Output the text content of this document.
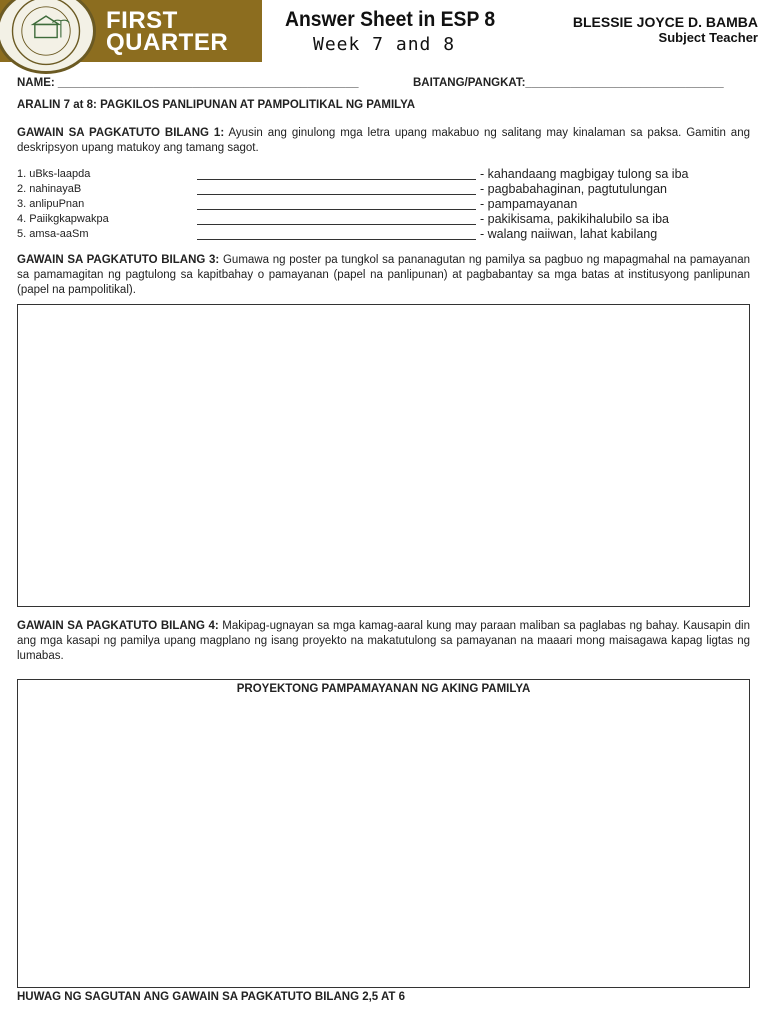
FIRST
QUARTER
Answer Sheet in ESP 8
Week 7 and 8
BLESSIE JOYCE D. BAMBA
Subject Teacher
NAME: _______________________________________________	BAITANG/PANGKAT:_______________________________
ARALIN 7 at 8: PAGKILOS PANLIPUNAN AT PAMPOLITIKAL NG PAMILYA
GAWAIN SA PAGKATUTO BILANG 1: Ayusin ang ginulong mga letra upang makabuo ng salitang may kinalaman sa paksa. Gamitin ang deskripsyon upang matukoy ang tamang sagot.
1. uBks-laapda	- kahandaang magbigay tulong sa iba
2. nahinayaB	- pagbabahaginan, pagtutulungan
3. anlipuPnan	- pampamayanan
4. Paiikgkapwakpa	- pakikisama, pakikihalubilo sa iba
5. amsa-aaSm	- walang naiiwan, lahat kabilang
GAWAIN SA PAGKATUTO BILANG 3: Gumawa ng poster pa tungkol sa pananagutan ng pamilya sa pagbuo ng mapagmahal na pamayanan sa pamamagitan ng pagtulong sa kapitbahay o pamayanan (papel na panlipunan) at pagbabantay sa mga batas at institusyong panlipunan (papel na pampolitikal).
GAWAIN SA PAGKATUTO BILANG 4: Makipag-ugnayan sa mga kamag-aaral kung may paraan maliban sa paglabas ng bahay. Kausapin din ang mga kasapi ng pamilya upang magplano ng isang proyekto na makatutulong sa pamayanan na maaari mong maisagawa kapag ligtas ng lumabas.
PROYEKTONG PAMPAMAYANAN NG AKING PAMILYA
HUWAG NG SAGUTAN ANG GAWAIN SA PAGKATUTO BILANG 2,5 AT 6
